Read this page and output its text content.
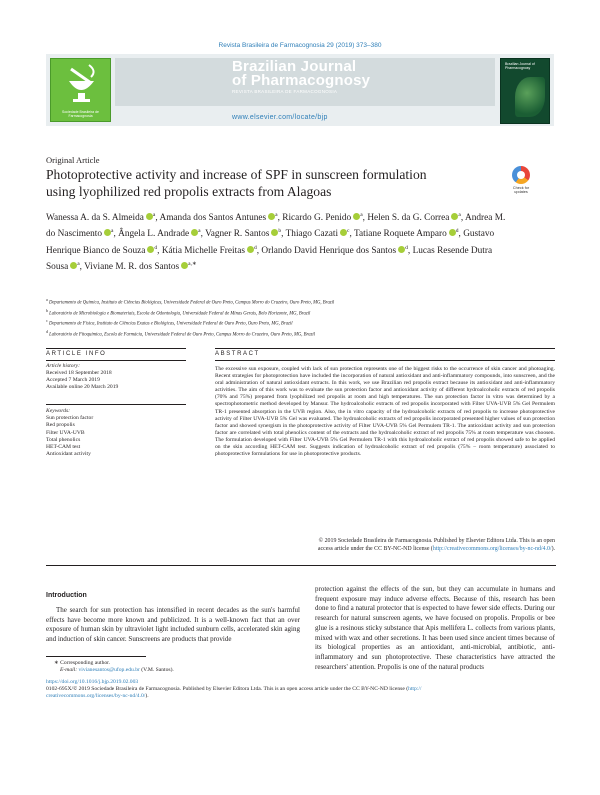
Revista Brasileira de Farmacognosia 29 (2019) 373–380
Sociedade Brasileira de Farmacognosia
Brazilian Journal
of Pharmacognosy
REVISTA BRASILEIRA DE FARMACOGNOSIA
www.elsevier.com/locate/bjp
Brazilian Journal of Pharmacognosy
Original Article
Photoprotective activity and increase of SPF in sunscreen formulation
using lyophilized red propolis extracts from Alagoas	Check for updates
Wanessa A. da S. Almeida $^a$, Amanda dos Santos Antunes $^a$, Ricardo G. Penido $^a$, Helen S. da G. Correa $^a$, Andrea M. do Nascimento $^a$, Ângela L. Andrade $^a$, Vagner R. Santos $^b$, Thiago Cazati $^c$, Tatiane Roquete Amparo $^d$, Gustavo Henrique Bianco de Souza $^d$, Kátia Michelle Freitas $^d$, Orlando David Henrique dos Santos $^d$, Lucas Resende Dutra Sousa $^a$, Viviane M. R. dos Santos $^{a,∗}$
$^a$ Departamento de Química, Instituto de Ciências Biológicas, Universidade Federal de Ouro Preto, Campus Morro do Cruzeiro, Ouro Preto, MG, Brazil
$^b$ Laboratório de Microbiologia e Biomateriais, Escola de Odontologia, Universidade Federal de Minas Gerais, Belo Horizonte, MG, Brazil
$^c$ Departamento de Física, Instituto de Ciências Exatas e Biológicas, Universidade Federal de Ouro Preto, Ouro Preto, MG, Brazil
$^d$ Laboratório de Fitoquímica, Escola de Farmácia, Universidade Federal de Ouro Preto, Campus Morro do Cruzeiro, Ouro Preto, MG, Brazil
ARTICLE INFO	ABSTRACT
Article history:
Received 18 September 2018
Accepted 7 March 2019
Available online 20 March 2019
Keywords:
Sun protection factor
Red propolis
Filter UVA-UVB
Total phenolics
HET-CAM test
Antioxidant activity
The excessive sun exposure, coupled with lack of sun protection represents one of the biggest risks to the occurrence of skin cancer and photoaging. Recent strategies for photoprotection have included the incorporation of natural antioxidant and anti-inflammatory compounds, into sunscreen, and the oral administration of natural antioxidant extracts. In this work, we use Brazilian red propolis extract because its antioxidant and anti-inflammatory activities. The aim of this work was to evaluate the sun protection factor and antioxidant activity of different hydroalcoholic extracts of red propolis (70% and 75%) prepared from lyophilized red propolis at room and high temperatures. The sun protection factor in vitro was determined by a spectrophotometric method developed by Mansur. The hydroalcoholic extracts of red propolis incorporated with Filter UVA-UVB 5% Gel Permulem TR-1 presented absorption in the UVB region. Also, the in vitro capacity of the hydroalcoholic extracts of red propolis to increase photoprotective activity of Filter UVA-UVB 5% Gel was evaluated. The hydroalcoholic extracts of red propolis incorporated presented higher values of sun protection factor and showed synergism in the photoprotective activity of Filter UVA-UVB 5% Gel Permulem TR-1. The antioxidant activity and sun protection factor are correlated with total phenolics content of the extracts and the hydroalcoholic extract of red propolis 75% at room temperature was choosen. The formulation developed with Filter UVA-UVB 5% Gel Permulem TR-1 with this hydroalcoholic extract of red propolis showed safe to be applied on the skin according HET-CAM test. Suggests indication of hydroalcoholic extract of red propolis (75% – room temperature) associated to photoprotective formulations for use in photoprotective products.
© 2019 Sociedade Brasileira de Farmacognosia. Published by Elsevier Editora Ltda. This is an open
access article under the CC BY-NC-ND license (http://creativecommons.org/licenses/by-nc-nd/4.0/).
Introduction
The search for sun protection has intensified in recent decades as the sun's harmful effects have become more known and publicized. It is a well-known fact that an over exposure of human skin by ultraviolet light included sunburn cells, accelerated skin aging and induction of skin cancer. Sunscreens are products that provide
protection against the effects of the sun, but they can accumulate in humans and frequent exposure may induce adverse effects. Because of this, research has been done to find a natural protector that is expected to have fewer side effects. During our research for natural sunscreen agents, we have focused on propolis. Propolis or bee glue is a resinous sticky substance that Apis mellifera L. collects from various plants, mixed with wax and other secretions. It has been used since ancient times because of its biological properties as an antioxidant, anti-microbial, antibiotic, anti-inflammatory and sun photoprotective. These characteristics have attracted the researchers' attention. Propolis is one of the natural products
∗ Corresponding author.
E-mail: vivianesantos@ufop.edu.br (V.M. Santos).
https://doi.org/10.1016/j.bjp.2019.02.003
0102-695X/© 2019 Sociedade Brasileira de Farmacognosia. Published by Elsevier Editora Ltda. This is an open access article under the CC BY-NC-ND license (http://
creativecommons.org/licenses/by-nc-nd/4.0/).
